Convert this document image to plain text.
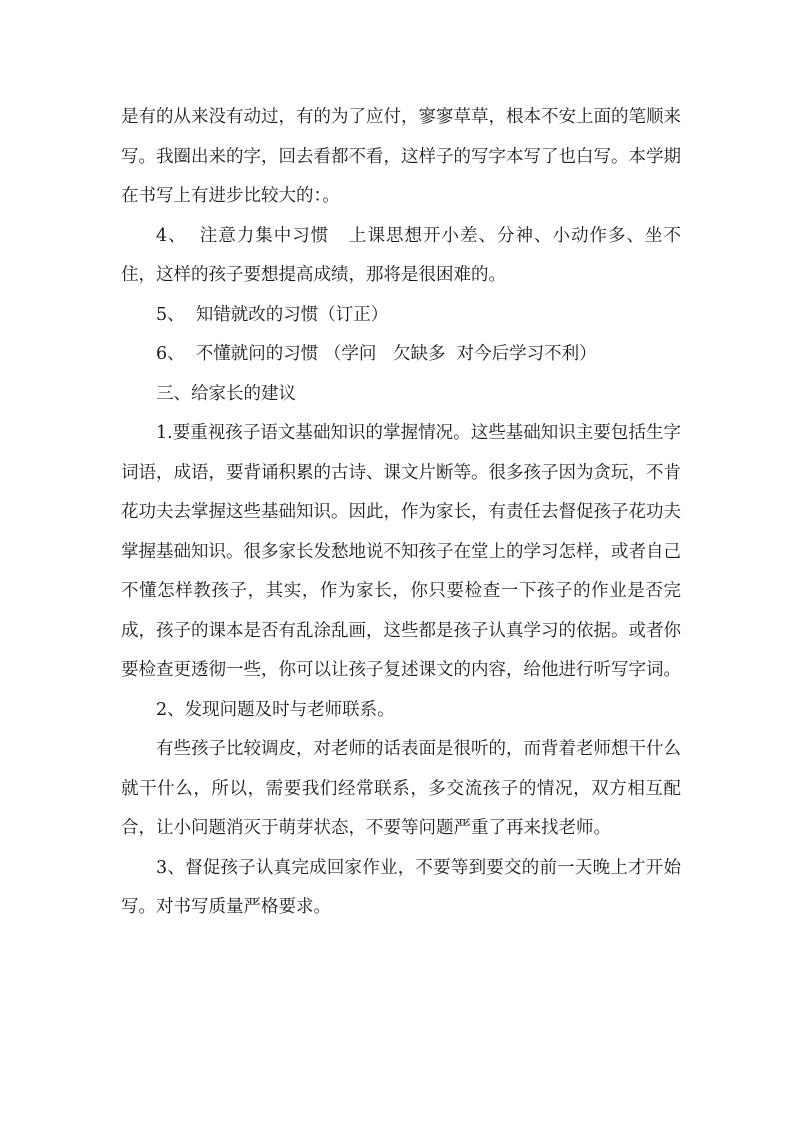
是有的从来没有动过，有的为了应付，寥寥草草，根本不安上面的笔顺来写。我圈出来的字，回去看都不看，这样子的写字本写了也白写。本学期在书写上有进步比较大的：。

4、  注意力集中习惯   上课思想开小差、分神、小动作多、坐不住，这样的孩子要想提高成绩，那将是很困难的。

5、  知错就改的习惯（订正）

6、  不懂就问的习惯 （学问   欠缺多  对今后学习不利）

三、给家长的建议

1.要重视孩子语文基础知识的掌握情况。这些基础知识主要包括生字词语，成语，要背诵积累的古诗、课文片断等。很多孩子因为贪玩，不肯花功夫去掌握这些基础知识。因此，作为家长，有责任去督促孩子花功夫掌握基础知识。很多家长发愁地说不知孩子在堂上的学习怎样，或者自己不懂怎样教孩子，其实，作为家长，你只要检查一下孩子的作业是否完成，孩子的课本是否有乱涂乱画，这些都是孩子认真学习的依据。或者你要检查更透彻一些，你可以让孩子复述课文的内容，给他进行听写字词。

2、发现问题及时与老师联系。

有些孩子比较调皮，对老师的话表面是很听的，而背着老师想干什么就干什么，所以，需要我们经常联系，多交流孩子的情况，双方相互配合，让小问题消灭于萌芽状态，不要等问题严重了再来找老师。

3、督促孩子认真完成回家作业，不要等到要交的前一天晚上才开始写。对书写质量严格要求。
